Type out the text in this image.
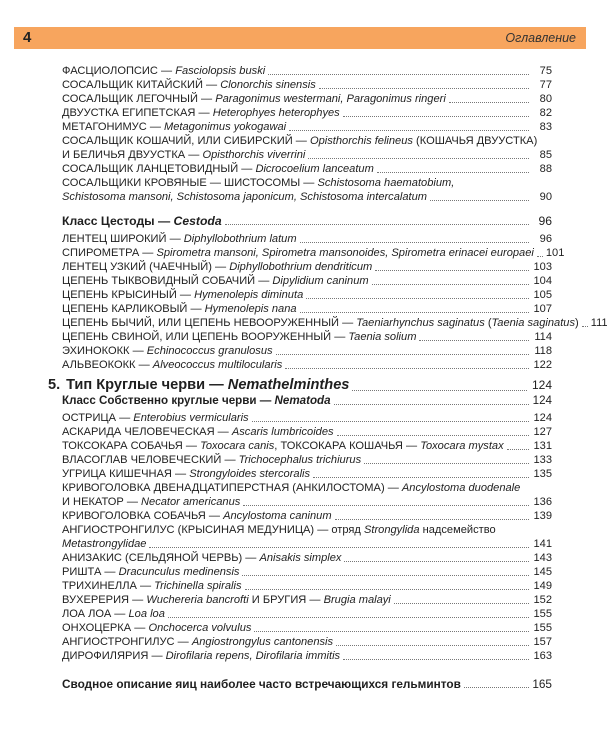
4	Оглавление
ФАСЦИОЛОПСИС — Fasciolopsis buski	75
СОСАЛЬЩИК КИТАЙСКИЙ — Clonorchis sinensis	77
СОСАЛЬЩИК ЛЕГОЧНЫЙ — Paragonimus westermani, Paragonimus ringeri	80
ДВУУСТКА ЕГИПЕТСКАЯ — Heterophyes heterophyes	82
МЕТАГОНИМУС — Metagonimus yokogawai	83
СОСАЛЬЩИК КОШАЧИЙ, ИЛИ СИБИРСКИЙ — Opisthorchis felineus (КОШАЧЬЯ ДВУУСТКА)
И БЕЛИЧЬЯ ДВУУСТКА — Opisthorchis viverrini	85
СОСАЛЬЩИК ЛАНЦЕТОВИДНЫЙ — Dicrocoelium lanceatum	88
СОСАЛЬЩИКИ КРОВЯНЫЕ — ШИСТОСОМЫ — Schistosoma haematobium,
Schistosoma mansoni, Schistosoma japonicum, Schistosoma intercalatum	90
Класс Цестоды — Cestoda	96
ЛЕНТЕЦ ШИРОКИЙ — Diphyllobothrium latum	96
СПИРОМЕТРА — Spirometra mansoni, Spirometra mansonoides, Spirometra erinacei europaei 101
ЛЕНТЕЦ УЗКИЙ (ЧАЕЧНЫЙ) — Diphyllobothrium dendriticum	103
ЦЕПЕНЬ ТЫКВОВИДНЫЙ СОБАЧИЙ — Dipylidium caninum	104
ЦЕПЕНЬ КРЫСИНЫЙ — Hymenolepis diminuta	105
ЦЕПЕНЬ КАРЛИКОВЫЙ — Hymenolepis nana	107
ЦЕПЕНЬ БЫЧИЙ, ИЛИ ЦЕПЕНЬ НЕВООРУЖЕННЫЙ — Taeniarhynchus saginatus (Taenia saginatus) 111
ЦЕПЕНЬ СВИНОЙ, ИЛИ ЦЕПЕНЬ ВООРУЖЕННЫЙ — Taenia solium	114
ЭХИНОКОКК — Echinococcus granulosus	118
АЛЬВЕОКОКК — Alveococcus multilocularis	122
5. Тип Круглые черви — Nemathelminthes	124
Класс Собственно круглые черви — Nematoda	124
ОСТРИЦА — Enterobius vermicularis	124
АСКАРИДА ЧЕЛОВЕЧЕСКАЯ — Ascaris lumbricoides	127
ТОКСОКАРА СОБАЧЬЯ — Toxocara canis, ТОКСОКАРА КОШАЧЬЯ — Toxocara mystax	131
ВЛАСОГЛАВ ЧЕЛОВЕЧЕСКИЙ — Trichocephalus trichiurus	133
УГРИЦА КИШЕЧНАЯ — Strongyloides stercoralis	135
КРИВОГОЛОВКА ДВЕНАДЦАТИПЕРСТНАЯ (АНКИЛОСТОМА) — Ancylostoma duodenale
И НЕКАТОР — Necator americanus	136
КРИВОГОЛОВКА СОБАЧЬЯ — Ancylostoma caninum	139
АНГИОСТРОНГИЛУС (КРЫСИНАЯ МЕДУНИЦА) — отряд Strongylida надсемейство
Metastrongylidae	141
АНИЗАКИС (СЕЛЬДЯНОЙ ЧЕРВЬ) — Anisakis simplex	143
РИШТА — Dracunculus medinensis	145
ТРИХИНЕЛЛА — Trichinella spiralis	149
ВУХЕРЕРИЯ — Wuchereria bancrofti И БРУГИЯ — Brugia malayi	152
ЛОА ЛОА — Loa loa	155
ОНХОЦЕРКА — Onchocerca volvulus	155
АНГИОСТРОНГИЛУС — Angiostrongylus cantonensis	157
ДИРОФИЛЯРИЯ — Dirofilaria repens, Dirofilaria immitis	163
Сводное описание яиц наиболее часто встречающихся гельминтов	165
